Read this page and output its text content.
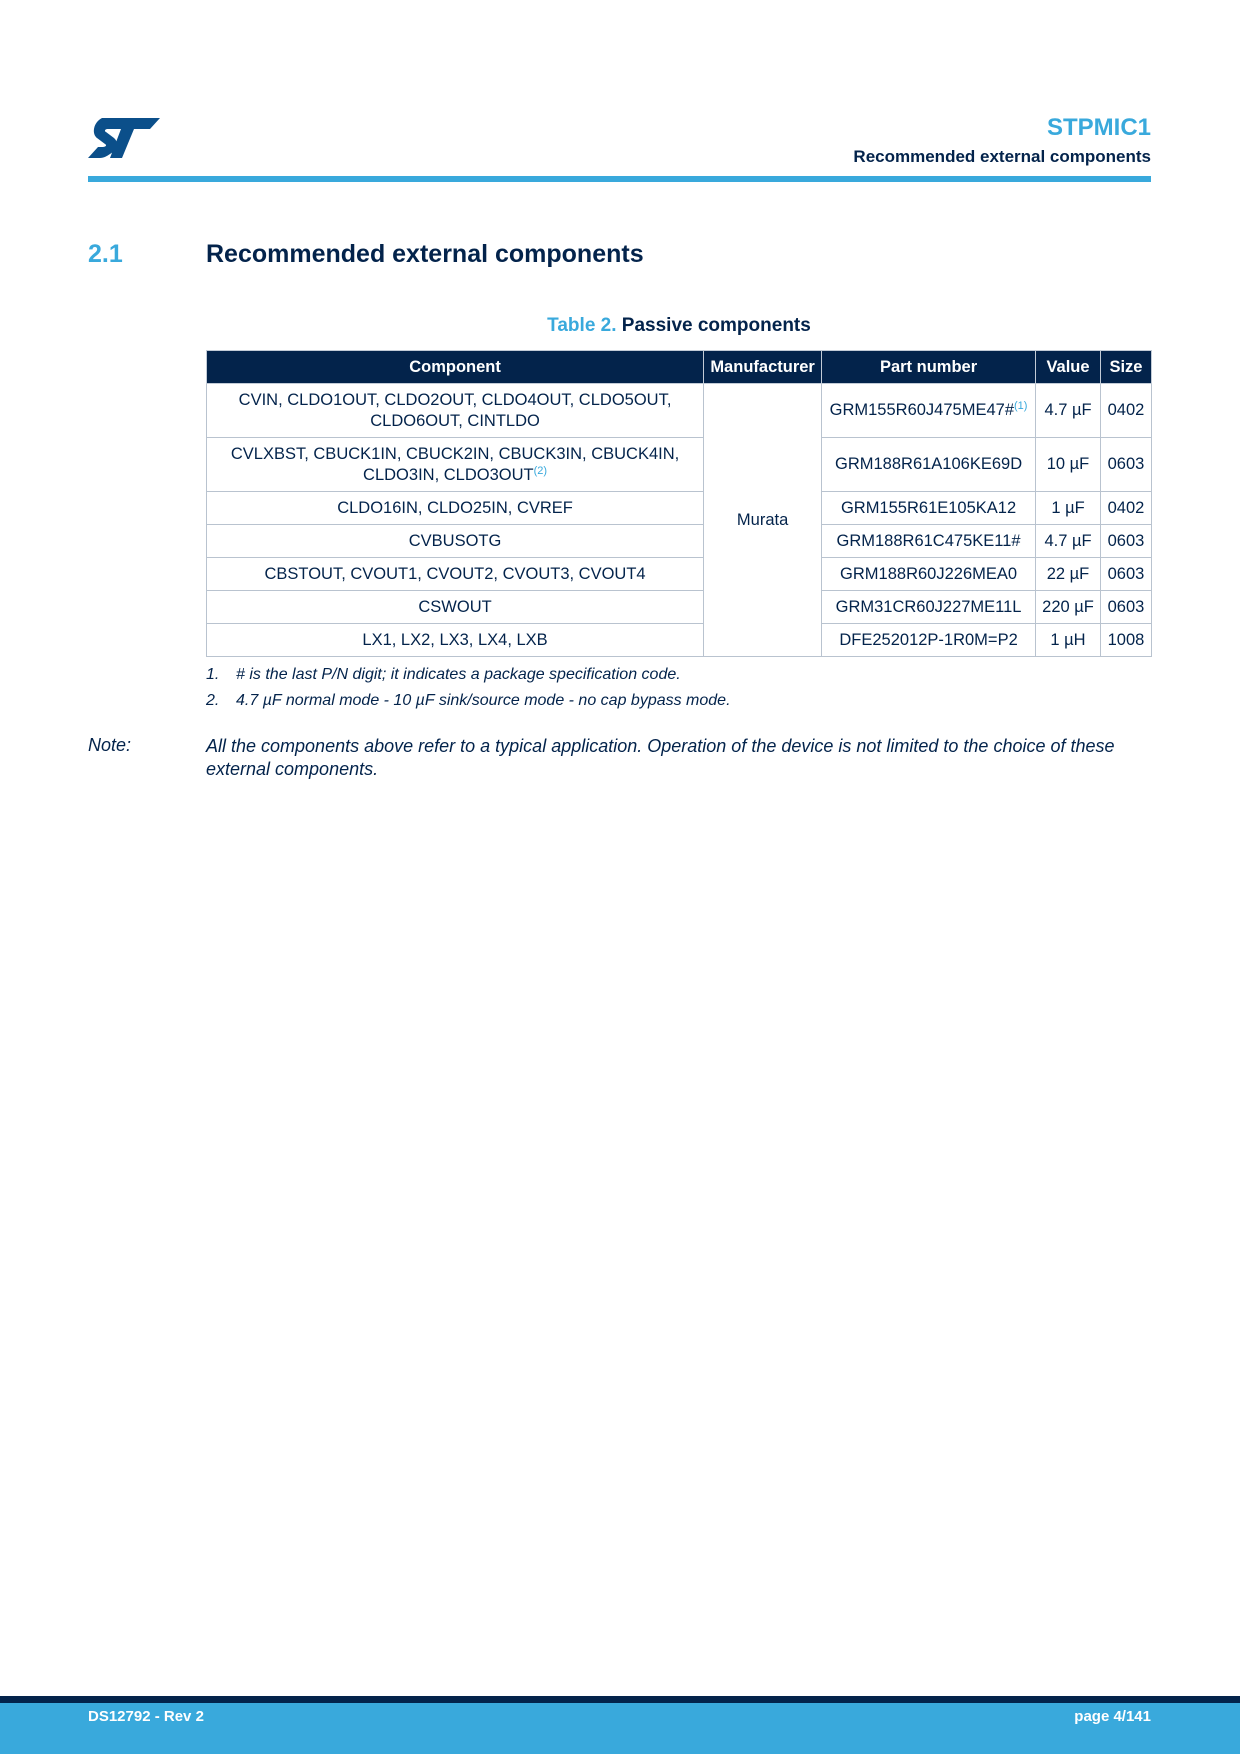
STPMIC1
Recommended external components
2.1	Recommended external components
Table 2. Passive components
Component	Manufacturer	Part number	Value	Size
CVIN, CLDO1OUT, CLDO2OUT, CLDO4OUT, CLDO5OUT, CLDO6OUT, CINTLDO	Murata	GRM155R60J475ME47#$^{(1)}$	4.7 µF	0402
CVLXBST, CBUCK1IN, CBUCK2IN, CBUCK3IN, CBUCK4IN, CLDO3IN, CLDO3OUT$^{(2)}$		GRM188R61A106KE69D	10 µF	0603
CLDO16IN, CLDO25IN, CVREF		GRM155R61E105KA12	1 µF	0402
CVBUSOTG		GRM188R61C475KE11#	4.7 µF	0603
CBSTOUT, CVOUT1, CVOUT2, CVOUT3, CVOUT4		GRM188R60J226MEA0	22 µF	0603
CSWOUT		GRM31CR60J227ME11L	220 µF	0603
LX1, LX2, LX3, LX4, LXB		DFE252012P-1R0M=P2	1 µH	1008
1. # is the last P/N digit; it indicates a package specification code.
2. 4.7 µF normal mode - 10 µF sink/source mode - no cap bypass mode.
Note:	All the components above refer to a typical application. Operation of the device is not limited to the choice of these external components.
DS12792 - Rev 2	page 4/141
